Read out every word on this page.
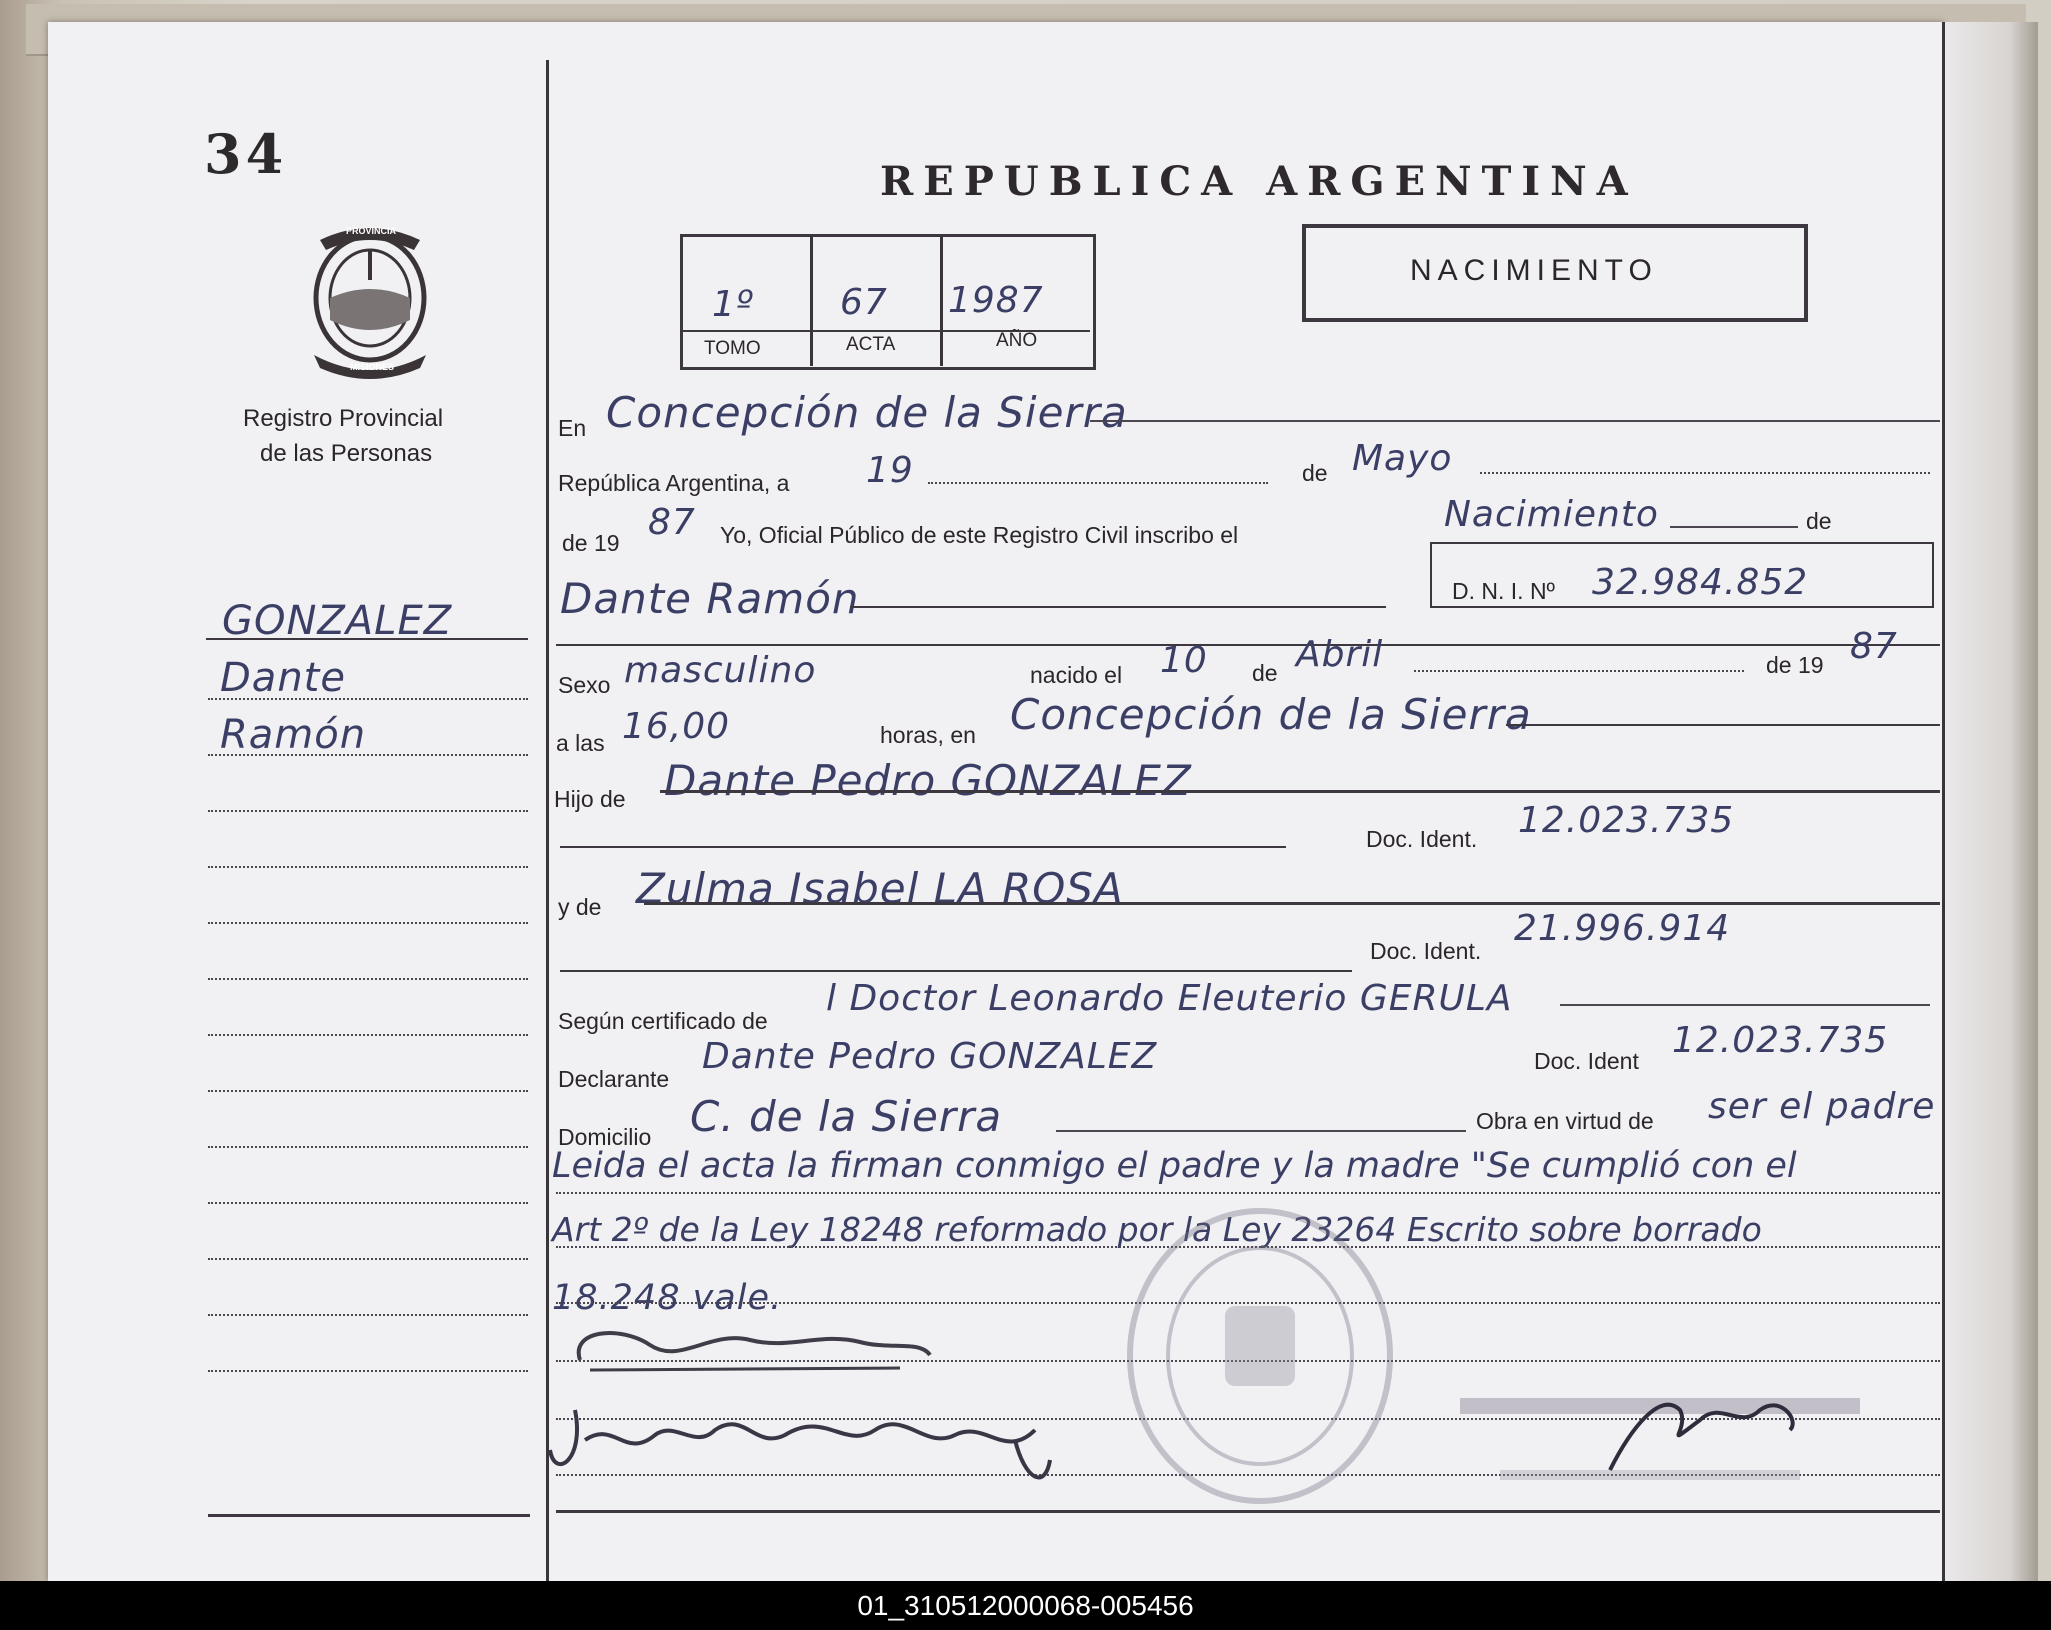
34
PROVINCIA
MISIONES
Registro Provincial
de las Personas
GONZALEZ
Dante
Ramón
REPUBLICA ARGENTINA
1º 67 1987
TOMO	ACTA	AÑO
NACIMIENTO
En Concepción de la Sierra
República Argentina, a 19	de Mayo
de 19 87 Yo, Oficial Público de este Registro Civil inscribo el	Nacimiento	de
Dante Ramón	D. N. I. Nº 32.984.852
Sexo masculino	nacido el 10 de Abril	de 19 87
a las 16,00	horas, en Concepción de la Sierra
Hijo de Dante Pedro GONZALEZ
Doc. Ident. 12.023.735
y de Zulma Isabel LA ROSA
Doc. Ident.
21.996.914
Según certificado de
l Doctor Leonardo Eleuterio GERULA
Declarante
Dante Pedro GONZALEZ	Doc. Ident 12.023.735
Domicilio C. de la Sierra	Obra en virtud de ser el padre
Leida el acta la firman conmigo el padre y la madre "Se cumplió con el
Art 2º de la Ley 18248 reformado por la Ley 23264 Escrito sobre borrado
18.248 vale.
01_310512000068-005456
